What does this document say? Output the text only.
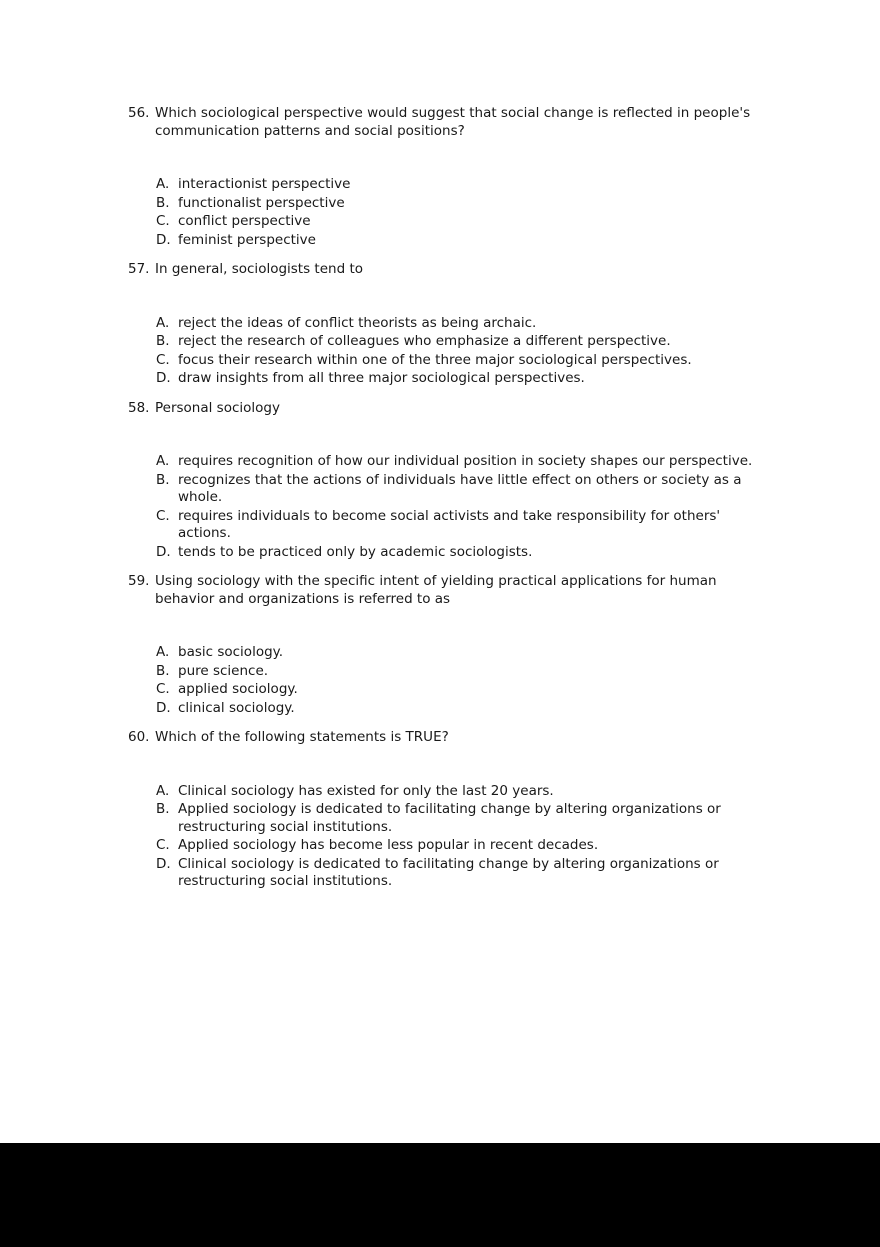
56. Which sociological perspective would suggest that social change is reflected in people's communication patterns and social positions?
A. interactionist perspective
B. functionalist perspective
C. conflict perspective
D. feminist perspective
57. In general, sociologists tend to
A. reject the ideas of conflict theorists as being archaic.
B. reject the research of colleagues who emphasize a different perspective.
C. focus their research within one of the three major sociological perspectives.
D. draw insights from all three major sociological perspectives.
58. Personal sociology
A. requires recognition of how our individual position in society shapes our perspective.
B. recognizes that the actions of individuals have little effect on others or society as a whole.
C. requires individuals to become social activists and take responsibility for others' actions.
D. tends to be practiced only by academic sociologists.
59. Using sociology with the specific intent of yielding practical applications for human behavior and organizations is referred to as
A. basic sociology.
B. pure science.
C. applied sociology.
D. clinical sociology.
60. Which of the following statements is TRUE?
A. Clinical sociology has existed for only the last 20 years.
B. Applied sociology is dedicated to facilitating change by altering organizations or restructuring social institutions.
C. Applied sociology has become less popular in recent decades.
D. Clinical sociology is dedicated to facilitating change by altering organizations or restructuring social institutions.
